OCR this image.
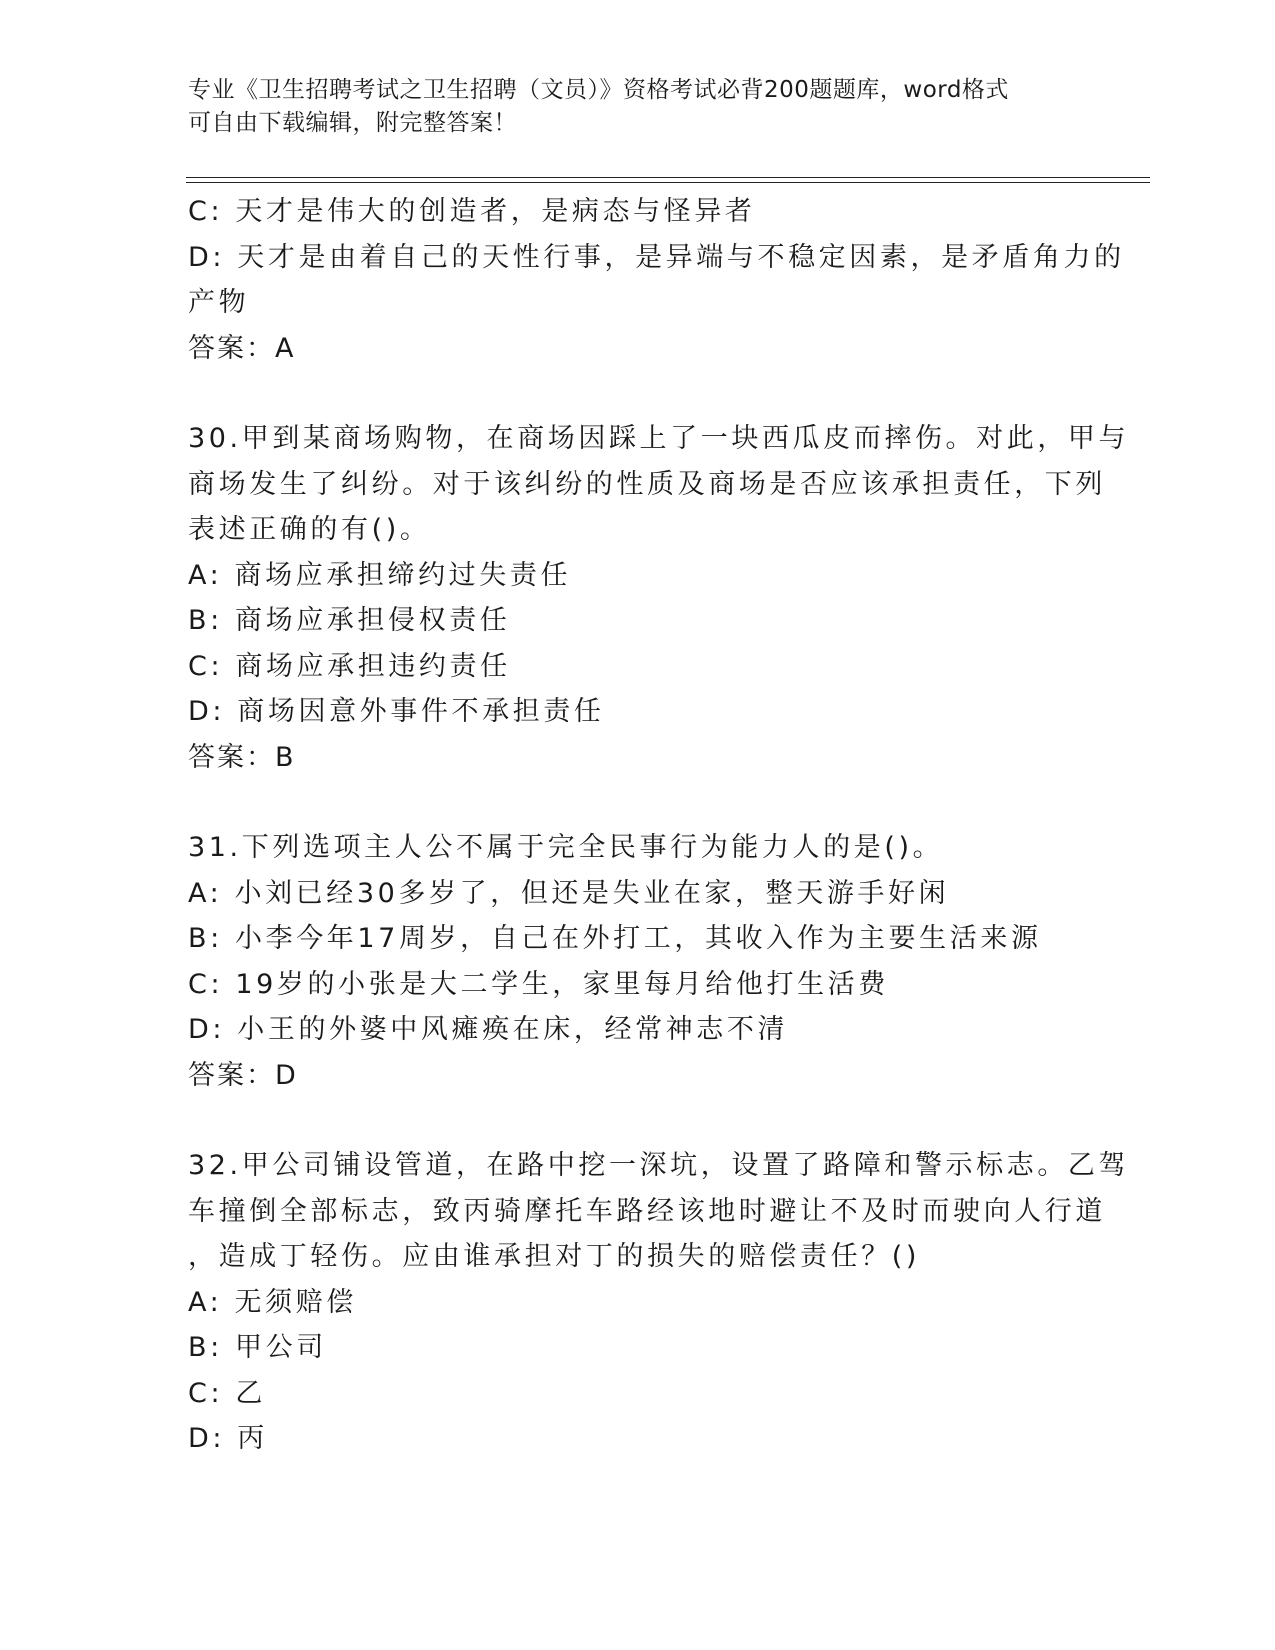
专业《卫生招聘考试之卫生招聘（文员）》资格考试必背200题题库，word格式
可自由下载编辑，附完整答案！
C: 天才是伟大的创造者，是病态与怪异者
D: 天才是由着自己的天性行事，是异端与不稳定因素，是矛盾角力的
产物
答案：A
30.甲到某商场购物，在商场因踩上了一块西瓜皮而摔伤。对此，甲与
商场发生了纠纷。对于该纠纷的性质及商场是否应该承担责任，下列
表述正确的有()。
A: 商场应承担缔约过失责任
B: 商场应承担侵权责任
C: 商场应承担违约责任
D: 商场因意外事件不承担责任
答案：B
31.下列选项主人公不属于完全民事行为能力人的是()。
A: 小刘已经30多岁了，但还是失业在家，整天游手好闲
B: 小李今年17周岁，自己在外打工，其收入作为主要生活来源
C: 19岁的小张是大二学生，家里每月给他打生活费
D: 小王的外婆中风瘫痪在床，经常神志不清
答案：D
32.甲公司铺设管道，在路中挖一深坑，设置了路障和警示标志。乙驾
车撞倒全部标志，致丙骑摩托车路经该地时避让不及时而驶向人行道
，造成丁轻伤。应由谁承担对丁的损失的赔偿责任？()
A: 无须赔偿
B: 甲公司
C: 乙
D: 丙
